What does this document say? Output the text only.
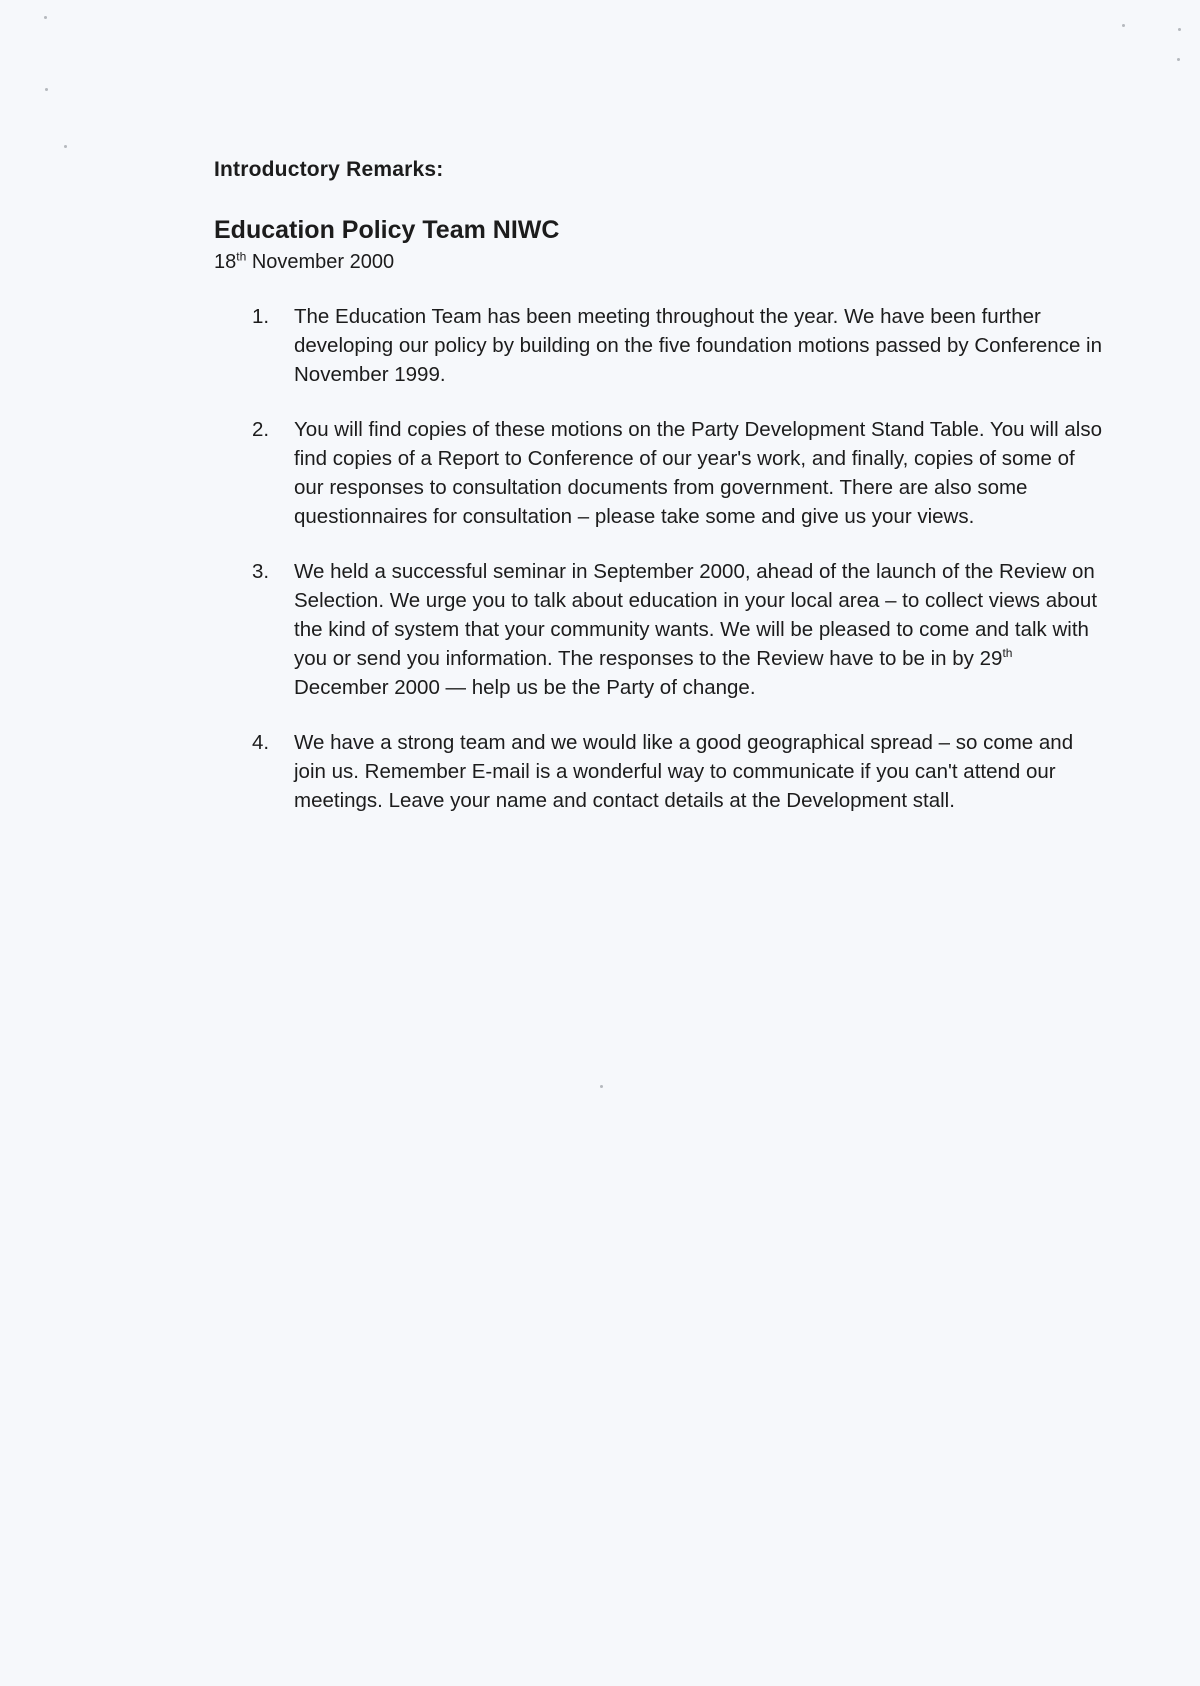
Introductory Remarks:
Education Policy Team NIWC
18th November 2000
1. The Education Team has been meeting throughout the year. We have been further developing our policy by building on the five foundation motions passed by Conference in November 1999.
2. You will find copies of these motions on the Party Development Stand Table. You will also find copies of a Report to Conference of our year's work, and finally, copies of some of our responses to consultation documents from government. There are also some questionnaires for consultation – please take some and give us your views.
3. We held a successful seminar in September 2000, ahead of the launch of the Review on Selection. We urge you to talk about education in your local area – to collect views about the kind of system that your community wants. We will be pleased to come and talk with you or send you information. The responses to the Review have to be in by 29th December 2000 — help us be the Party of change.
4. We have a strong team and we would like a good geographical spread – so come and join us. Remember E-mail is a wonderful way to communicate if you can't attend our meetings. Leave your name and contact details at the Development stall.
